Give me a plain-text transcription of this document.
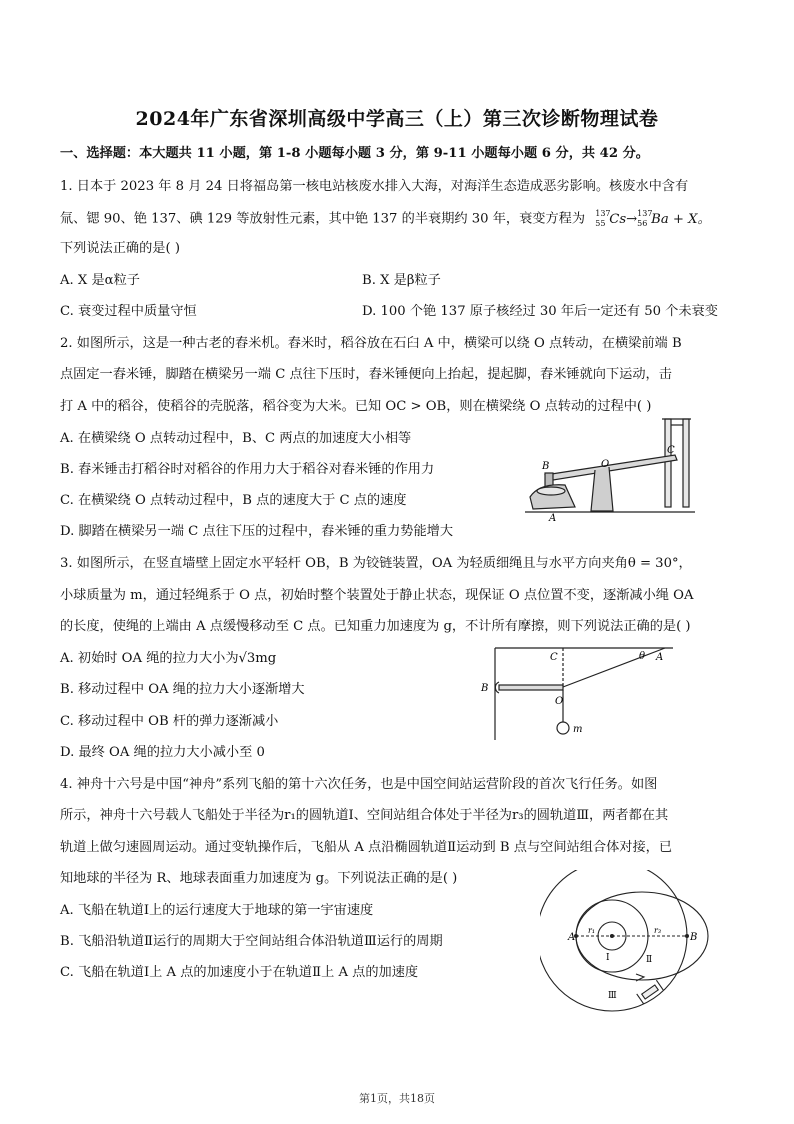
2024年广东省深圳高级中学高三（上）第三次诊断物理试卷
一、选择题：本大题共 11 小题，第 1-8 小题每小题 3 分，第 9-11 小题每小题 6 分，共 42 分。
1. 日本于 2023 年 8 月 24 日将福岛第一核电站核废水排入大海，对海洋生态造成恶劣影响。核废水中含有
氚、锶 90、铯 137、碘 129 等放射性元素，其中铯 137 的半衰期约 30 年，衰变方程为 137
55 Cs→ 137
56 Ba + X。
下列说法正确的是( )
A. X 是α粒子	B. X 是β粒子
C. 衰变过程中质量守恒	D. 100 个铯 137 原子核经过 30 年后一定还有 50 个未衰变
2. 如图所示，这是一种古老的舂米机。舂米时，稻谷放在石臼 A 中，横梁可以绕 O 点转动，在横梁前端 B
点固定一舂米锤，脚踏在横梁另一端 C 点往下压时，舂米锤便向上抬起，提起脚，舂米锤就向下运动，击
打 A 中的稻谷，使稻谷的壳脱落，稻谷变为大米。已知 OC > OB，则在横梁绕 O 点转动的过程中( )
A. 在横梁绕 O 点转动过程中，B、C 两点的加速度大小相等
B. 舂米锤击打稻谷时对稻谷的作用力大于稻谷对舂米锤的作用力
C. 在横梁绕 O 点转动过程中，B 点的速度大于 C 点的速度
D. 脚踏在横梁另一端 C 点往下压的过程中，舂米锤的重力势能增大
B	O
C
A
3. 如图所示，在竖直墙壁上固定水平轻杆 OB，B 为铰链装置，OA 为轻质细绳且与水平方向夹角θ = 30°，
小球质量为 m，通过轻绳系于 O 点，初始时整个装置处于静止状态，现保证 O 点位置不变，逐渐减小绳 OA
的长度，使绳的上端由 A 点缓慢移动至 C 点。已知重力加速度为 g，不计所有摩擦，则下列说法正确的是( )
A. 初始时 OA 绳的拉力大小为√3mg
B. 移动过程中 OA 绳的拉力大小逐渐增大
C. 移动过程中 OB 杆的弹力逐渐减小
D. 最终 OA 绳的拉力大小减小至 0
C	θ A
B
O
m
4. 神舟十六号是中国“神舟”系列飞船的第十六次任务，也是中国空间站运营阶段的首次飞行任务。如图
所示，神舟十六号载人飞船处于半径为r₁的圆轨道Ⅰ、空间站组合体处于半径为r₃的圆轨道Ⅲ，两者都在其
轨道上做匀速圆周运动。通过变轨操作后，飞船从 A 点沿椭圆轨道Ⅱ运动到 B 点与空间站组合体对接，已
知地球的半径为 R、地球表面重力加速度为 g。下列说法正确的是( )
A. 飞船在轨道Ⅰ上的运行速度大于地球的第一宇宙速度
B. 飞船沿轨道Ⅱ运行的周期大于空间站组合体沿轨道Ⅲ运行的周期
C. 飞船在轨道Ⅰ上 A 点的加速度小于在轨道Ⅱ上 A 点的加速度
A	B
r₁	r₃
Ⅰ	Ⅱ
Ⅲ
第1页，共18页
